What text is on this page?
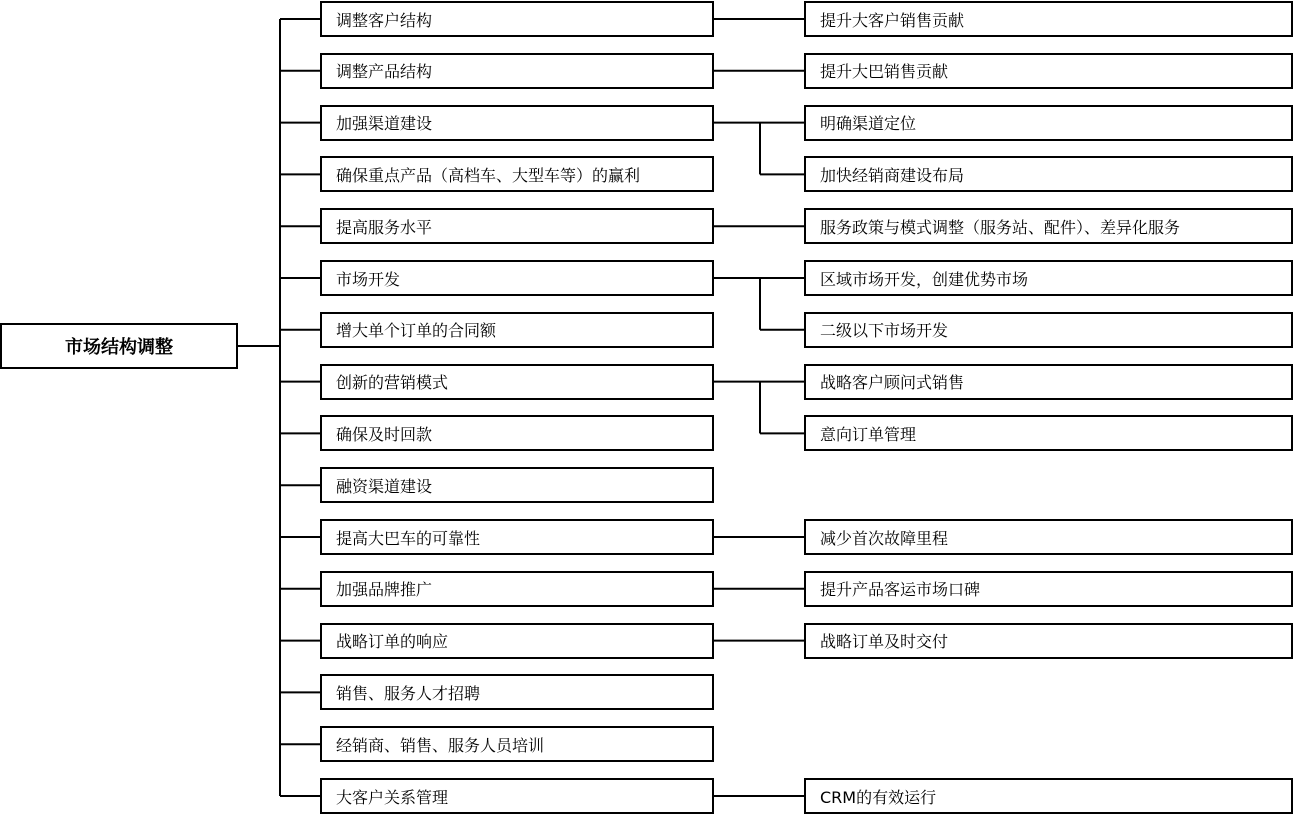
市场结构调整
调整客户结构	提升大客户销售贡献
调整产品结构	提升大巴销售贡献
加强渠道建设	明确渠道定位
加快经销商建设布局
确保重点产品（高档车、大型车等）的赢利
提高服务水平	服务政策与模式调整（服务站、配件）、差异化服务
市场开发	区域市场开发，创建优势市场
二级以下市场开发
增大单个订单的合同额
创新的营销模式	战略客户顾问式销售
意向订单管理
确保及时回款
融资渠道建设
提高大巴车的可靠性	减少首次故障里程
加强品牌推广	提升产品客运市场口碑
战略订单的响应	战略订单及时交付
销售、服务人才招聘
经销商、销售、服务人员培训
大客户关系管理	CRM的有效运行
